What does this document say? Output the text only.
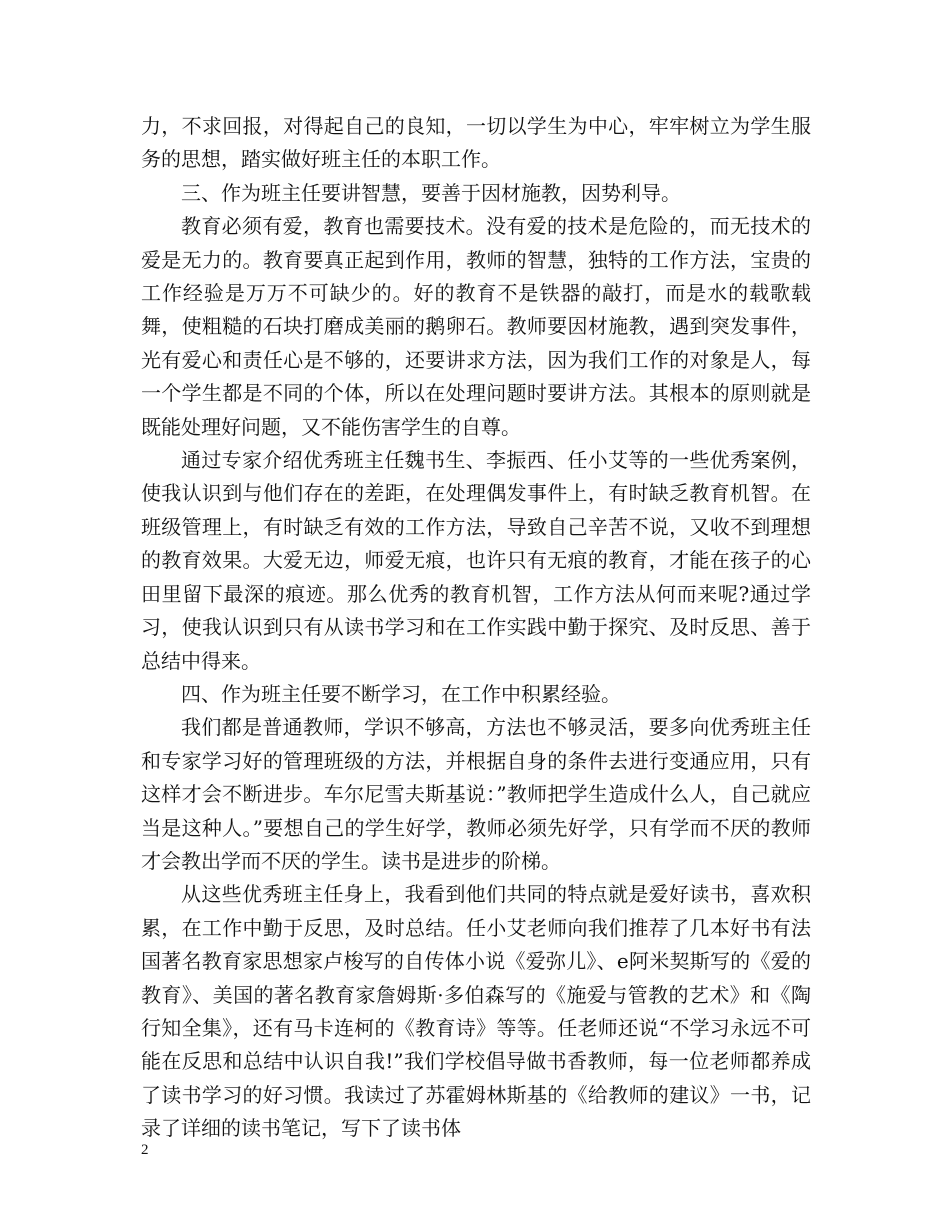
力，不求回报，对得起自己的良知，一切以学生为中心，牢牢树立为学生服务的思想，踏实做好班主任的本职工作。

三、作为班主任要讲智慧，要善于因材施教，因势利导。

教育必须有爱，教育也需要技术。没有爱的技术是危险的，而无技术的爱是无力的。教育要真正起到作用，教师的智慧，独特的工作方法，宝贵的工作经验是万万不可缺少的。好的教育不是铁器的敲打，而是水的载歌载舞，使粗糙的石块打磨成美丽的鹅卵石。教师要因材施教，遇到突发事件，光有爱心和责任心是不够的，还要讲求方法，因为我们工作的对象是人，每一个学生都是不同的个体，所以在处理问题时要讲方法。其根本的原则就是既能处理好问题，又不能伤害学生的自尊。

通过专家介绍优秀班主任魏书生、李振西、任小艾等的一些优秀案例，使我认识到与他们存在的差距，在处理偶发事件上，有时缺乏教育机智。在班级管理上，有时缺乏有效的工作方法，导致自己辛苦不说，又收不到理想的教育效果。大爱无边，师爱无痕，也许只有无痕的教育，才能在孩子的心田里留下最深的痕迹。那么优秀的教育机智，工作方法从何而来呢?通过学习，使我认识到只有从读书学习和在工作实践中勤于探究、及时反思、善于总结中得来。

四、作为班主任要不断学习，在工作中积累经验。

我们都是普通教师，学识不够高，方法也不够灵活，要多向优秀班主任和专家学习好的管理班级的方法，并根据自身的条件去进行变通应用，只有这样才会不断进步。车尔尼雪夫斯基说：”教师把学生造成什么人，自己就应当是这种人。”要想自己的学生好学，教师必须先好学，只有学而不厌的教师才会教出学而不厌的学生。读书是进步的阶梯。

从这些优秀班主任身上，我看到他们共同的特点就是爱好读书，喜欢积累，在工作中勤于反思，及时总结。任小艾老师向我们推荐了几本好书有法国著名教育家思想家卢梭写的自传体小说《爱弥儿》、e阿米契斯写的《爱的教育》、美国的著名教育家詹姆斯·多伯森写的《施爱与管教的艺术》和《陶行知全集》，还有马卡连柯的《教育诗》等等。任老师还说“不学习永远不可能在反思和总结中认识自我!”我们学校倡导做书香教师，每一位老师都养成了读书学习的好习惯。我读过了苏霍姆林斯基的《给教师的建议》一书，记录了详细的读书笔记，写下了读书体

2
